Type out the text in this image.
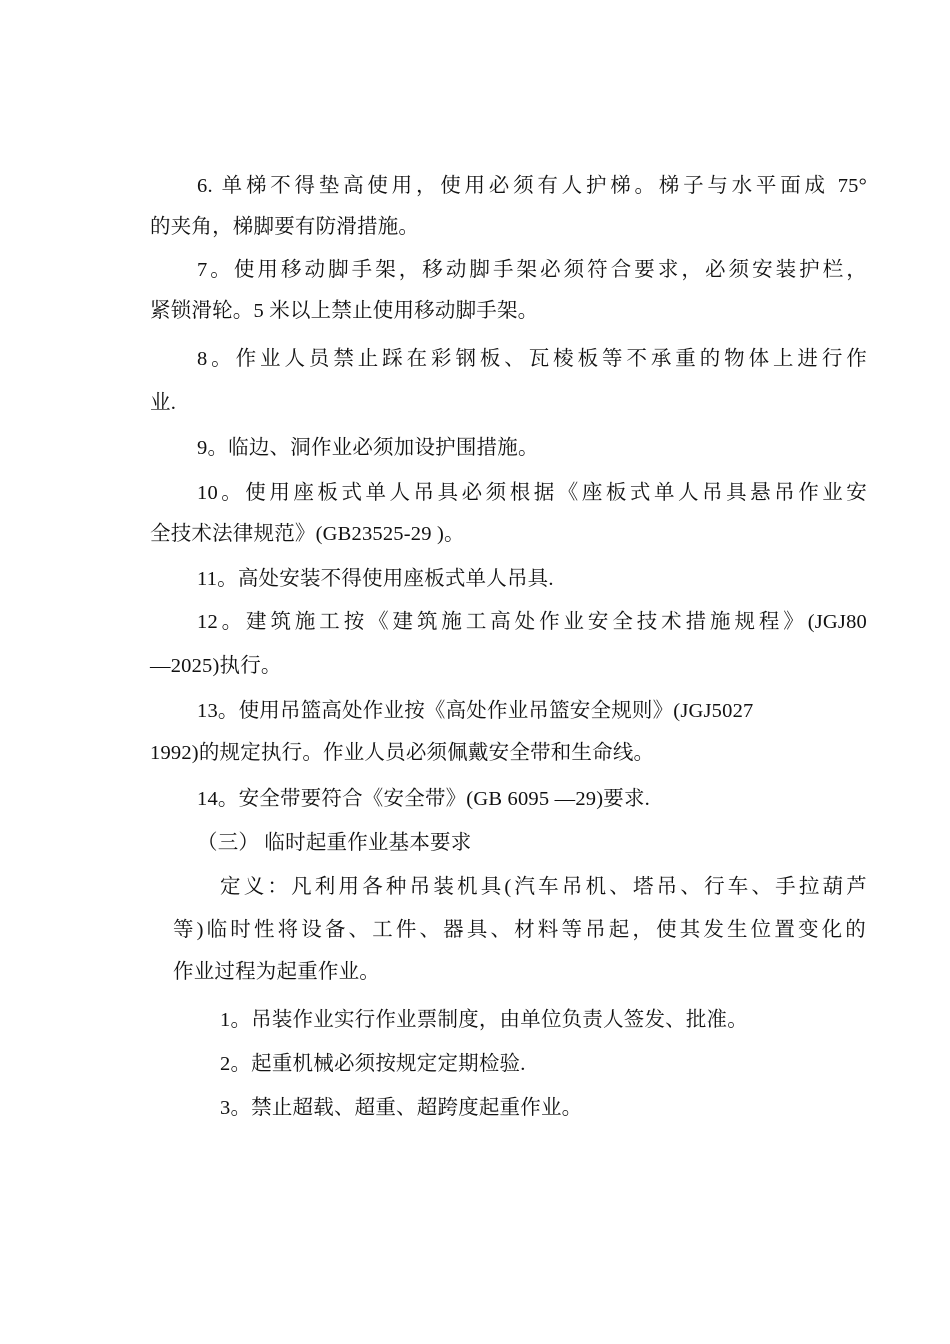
6. 单梯不得垫高使用，使用必须有人护梯。梯子与水平面成 75°
的夹角，梯脚要有防滑措施。
7。使用移动脚手架，移动脚手架必须符合要求，必须安装护栏，
紧锁滑轮。5 米以上禁止使用移动脚手架。
8。作业人员禁止踩在彩钢板、瓦棱板等不承重的物体上进行作
业.
9。临边、洞作业必须加设护围措施。
10。使用座板式单人吊具必须根据《座板式单人吊具悬吊作业安
全技术法律规范》(GB23525-29 )。
11。高处安装不得使用座板式单人吊具.
12。建筑施工按《建筑施工高处作业安全技术措施规程》(JGJ80
—2025)执行。
13。使用吊篮高处作业按《高处作业吊篮安全规则》(JGJ5027
1992)的规定执行。作业人员必须佩戴安全带和生命线。
14。安全带要符合《安全带》(GB 6095 —29)要求.
（三） 临时起重作业基本要求
定义：凡利用各种吊装机具(汽车吊机、塔吊、行车、手拉葫芦
等)临时性将设备、工件、器具、材料等吊起，使其发生位置变化的
作业过程为起重作业。
1。吊装作业实行作业票制度，由单位负责人签发、批准。
2。起重机械必须按规定定期检验.
3。禁止超载、超重、超跨度起重作业。
